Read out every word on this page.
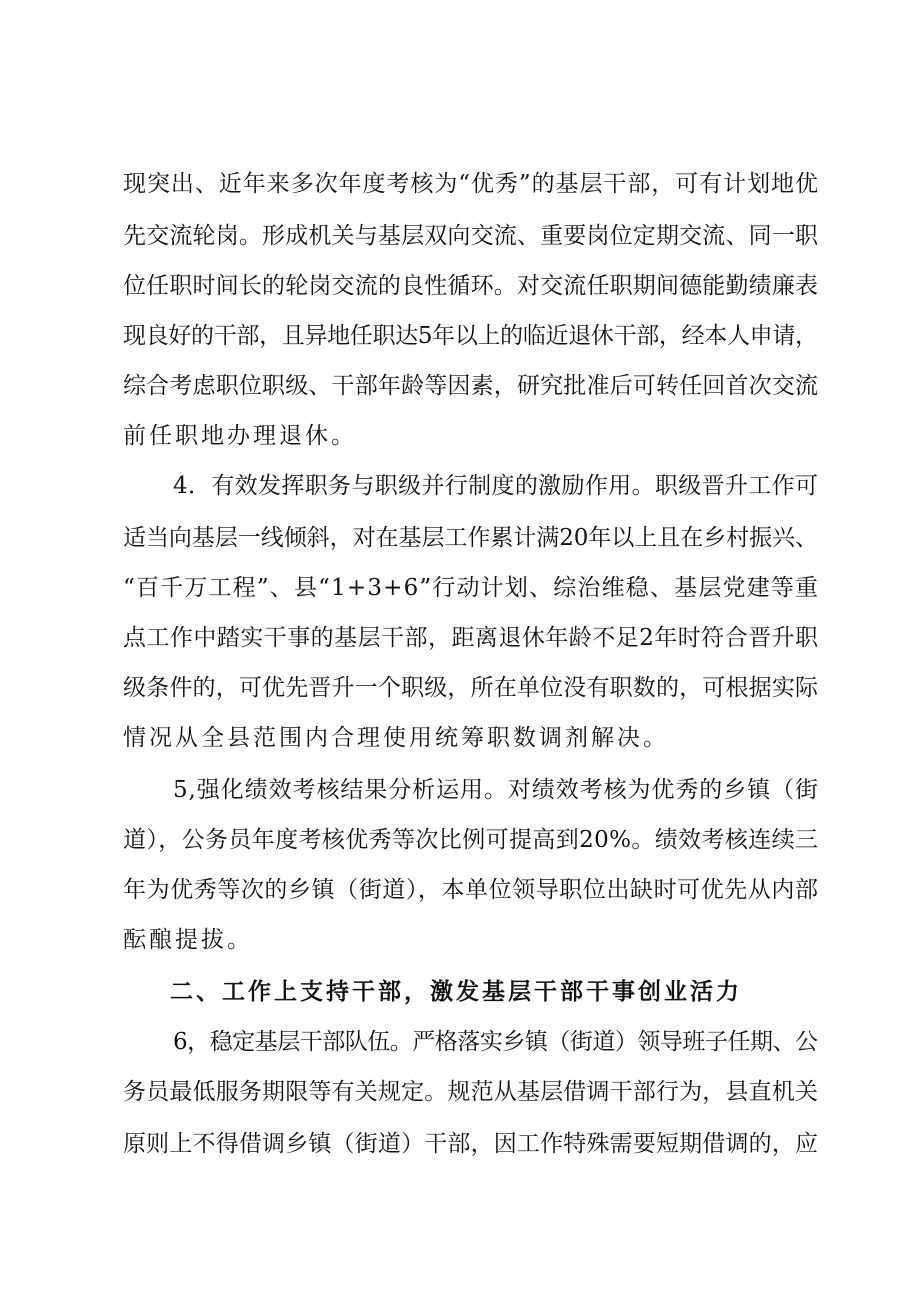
现突出、近年来多次年度考核为“优秀”的基层干部，可有计划地优
先交流轮岗。形成机关与基层双向交流、重要岗位定期交流、同一职
位任职时间长的轮岗交流的良性循环。对交流任职期间德能勤绩廉表
现良好的干部，且异地任职达5年以上的临近退休干部，经本人申请，
综合考虑职位职级、干部年龄等因素，研究批准后可转任回首次交流
前任职地办理退休。
4．有效发挥职务与职级并行制度的激励作用。职级晋升工作可
适当向基层一线倾斜，对在基层工作累计满20年以上且在乡村振兴、
“百千万工程”、县“1+3+6”行动计划、综治维稳、基层党建等重
点工作中踏实干事的基层干部，距离退休年龄不足2年时符合晋升职
级条件的，可优先晋升一个职级，所在单位没有职数的，可根据实际
情况从全县范围内合理使用统筹职数调剂解决。
5,强化绩效考核结果分析运用。对绩效考核为优秀的乡镇（街
道），公务员年度考核优秀等次比例可提高到20%。绩效考核连续三
年为优秀等次的乡镇（街道），本单位领导职位出缺时可优先从内部
酝酿提拔。
二、工作上支持干部，激发基层干部干事创业活力
6，稳定基层干部队伍。严格落实乡镇（街道）领导班子任期、公
务员最低服务期限等有关规定。规范从基层借调干部行为，县直机关
原则上不得借调乡镇（街道）干部，因工作特殊需要短期借调的，应
